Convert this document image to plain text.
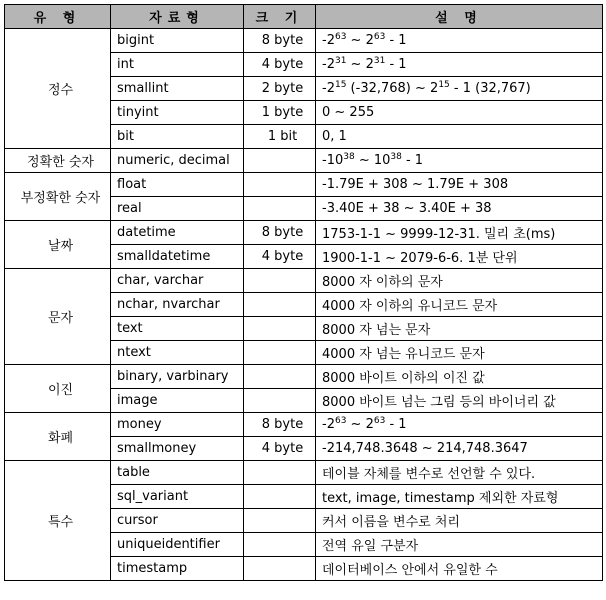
유 형	자료형	크 기	설 명
정수	bigint	8 byte	$-2^{63}$ ~ $2^{63} - 1$
	int	4 byte	$-2^{31}$ ~ $2^{31} - 1$
	smallint	2 byte	$-2^{15}$ (-32,768) ~ $2^{15} - 1$ (32,767)
	tinyint	1 byte	0 ~ 255
	bit	1 bit	0, 1
정확한 숫자	numeric, decimal		$-10^{38}$ ~ $10^{38} - 1$
부정확한 숫자	float		-1.79E + 308 ~ 1.79E + 308
	real		-3.40E + 38 ~ 3.40E + 38
날짜	datetime	8 byte	1753-1-1 ~ 9999-12-31. 밀리 초(ms)
	smalldatetime	4 byte	1900-1-1 ~ 2079-6-6. 1분 단위
문자	char, varchar		8000 자 이하의 문자
	nchar, nvarchar		4000 자 이하의 유니코드 문자
	text		8000 자 넘는 문자
	ntext		4000 자 넘는 유니코드 문자
이진	binary, varbinary		8000 바이트 이하의 이진 값
	image		8000 바이트 넘는 그림 등의 바이너리 값
화폐	money	8 byte	$-2^{63}$ ~ $2^{63} - 1$
	smallmoney	4 byte	-214,748.3648 ~ 214,748.3647
특수	table		테이블 자체를 변수로 선언할 수 있다.
	sql_variant		text, image, timestamp 제외한 자료형
	cursor		커서 이름을 변수로 처리
	uniqueidentifier		전역 유일 구분자
	timestamp		데이터베이스 안에서 유일한 수
